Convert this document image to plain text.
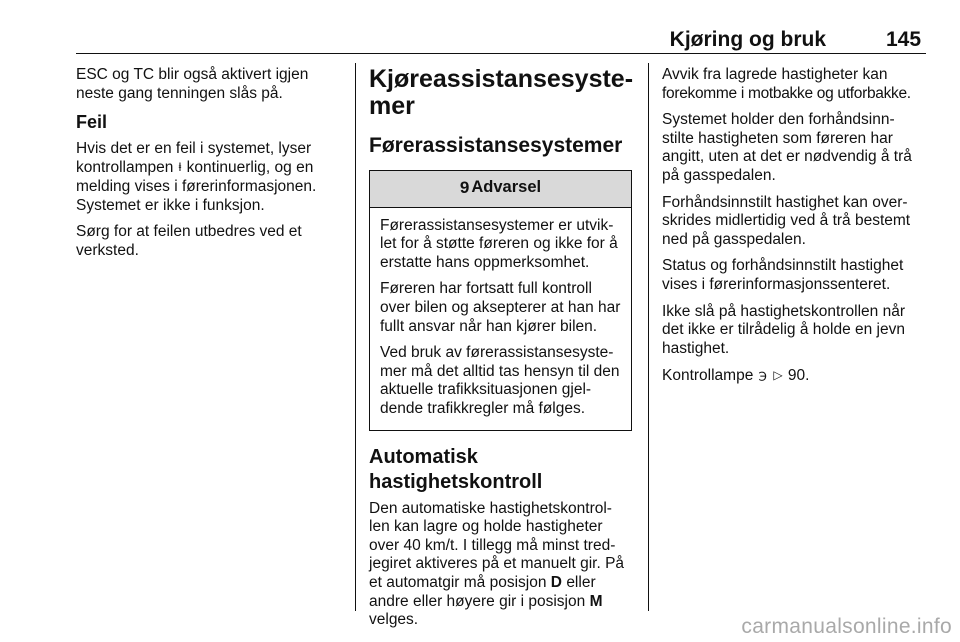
Kjøring og bruk	145

ESC og TC blir også aktivert igjen
neste gang tenningen slås på.

Feil

Hvis det er en feil i systemet, lyser
kontrollampen ⱡ kontinuerlig, og en
melding vises i førerinformasjonen.
Systemet er ikke i funksjon.

Sørg for at feilen utbedres ved et
verksted.

Kjøreassistansesyste-
mer
Førerassistansesystemer
9 Advarsel

Førerassistansesystemer er utvik-
let for å støtte føreren og ikke for å
erstatte hans oppmerksomhet.

Føreren har fortsatt full kontroll
over bilen og aksepterer at han har
fullt ansvar når han kjører bilen.

Ved bruk av førerassistansesyste-
mer må det alltid tas hensyn til den
aktuelle trafikksituasjonen gjel-
dende trafikkregler må følges.

Automatisk
hastighetskontroll

Den automatiske hastighetskontrol-
len kan lagre og holde hastigheter
over 40 km/t. I tillegg må minst tred-
jegiret aktiveres på et manuelt gir. På
et automatgir må posisjon D eller
andre eller høyere gir i posisjon M
velges.

Avvik fra lagrede hastigheter kan
forekomme i motbakke og utforbakke.

Systemet holder den forhåndsinn-
stilte hastigheten som føreren har
angitt, uten at det er nødvendig å trå
på gasspedalen.

Forhåndsinnstilt hastighet kan over-
skrides midlertidig ved å trå bestemt
ned på gasspedalen.

Status og forhåndsinnstilt hastighet
vises i førerinformasjonssenteret.

Ikke slå på hastighetskontrollen når
det ikke er tilrådelig å holde en jevn
hastighet.

Kontrollampe ℈ ▷ 90.

carmanualsonline.info
